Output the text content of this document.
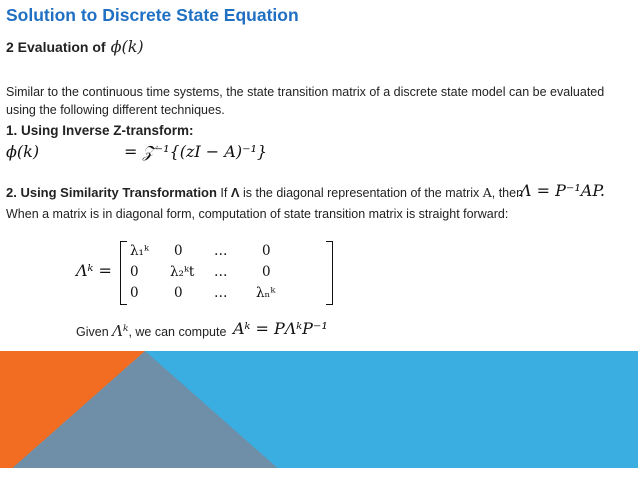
Solution to Discrete State Equation
2 Evaluation of ϕ(k)
Similar to the continuous time systems, the state transition matrix of a discrete state model can be evaluated using the following different techniques.
1. Using Inverse Z-transform:
ϕ(k)	= 𝒵⁻¹{(zI − A)⁻¹}
2. Using Similarity Transformation If Λ is the diagonal representation of the matrix A, then
Λ = P⁻¹AP.
When a matrix is in diagonal form, computation of state transition matrix is straight forward:
Λᵏ =
λ₁ᵏ 0 …	0
0 λ₂ᵏt …	0
0	0 … λₙᵏ
Given Λᵏ, we can compute Aᵏ = PΛᵏP⁻¹
